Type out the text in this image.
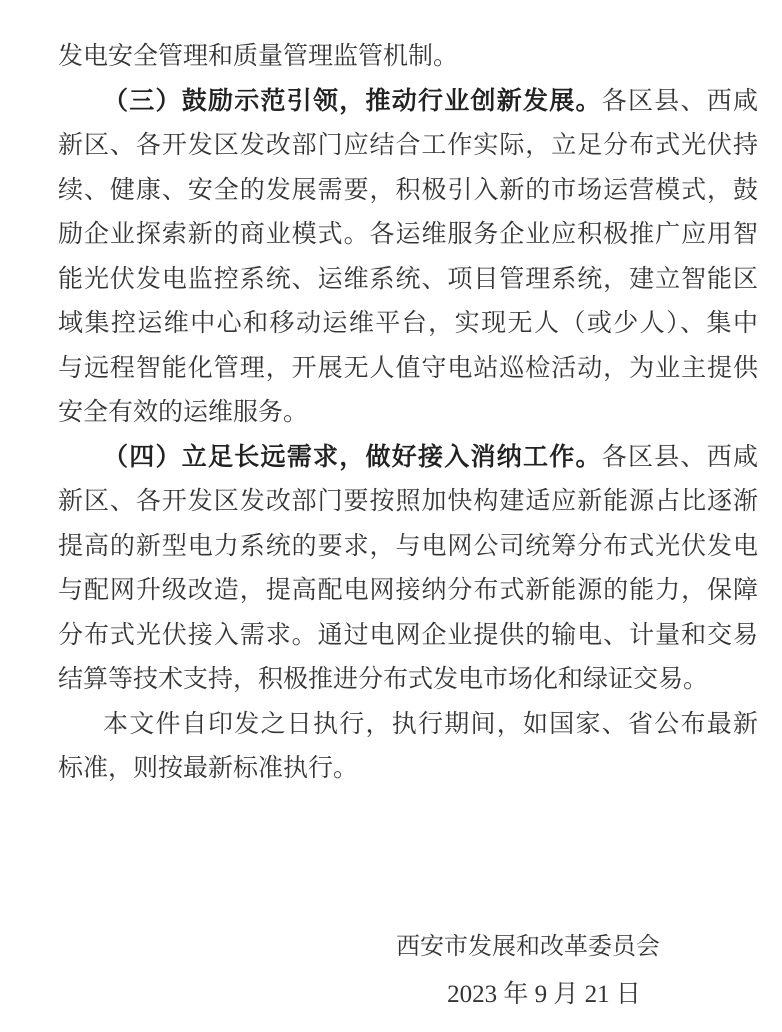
发电安全管理和质量管理监管机制。
（三）鼓励示范引领，推动行业创新发展。各区县、西咸
新区、各开发区发改部门应结合工作实际，立足分布式光伏持
续、健康、安全的发展需要，积极引入新的市场运营模式，鼓
励企业探索新的商业模式。各运维服务企业应积极推广应用智
能光伏发电监控系统、运维系统、项目管理系统，建立智能区
域集控运维中心和移动运维平台，实现无人（或少人）、集中
与远程智能化管理，开展无人值守电站巡检活动，为业主提供
安全有效的运维服务。
（四）立足长远需求，做好接入消纳工作。各区县、西咸
新区、各开发区发改部门要按照加快构建适应新能源占比逐渐
提高的新型电力系统的要求，与电网公司统筹分布式光伏发电
与配网升级改造，提高配电网接纳分布式新能源的能力，保障
分布式光伏接入需求。通过电网企业提供的输电、计量和交易
结算等技术支持，积极推进分布式发电市场化和绿证交易。
本文件自印发之日执行，执行期间，如国家、省公布最新
标准，则按最新标准执行。
西安市发展和改革委员会
2023 年 9 月 21 日
